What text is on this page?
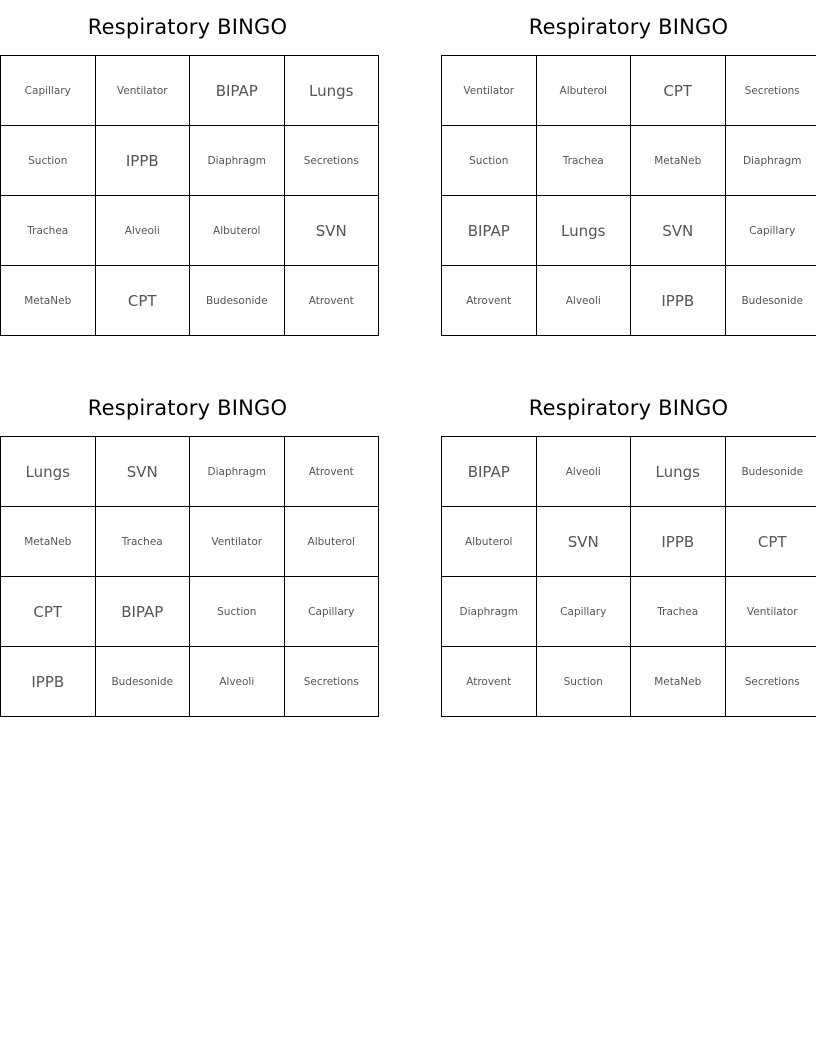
Respiratory BINGO
Capillary	Ventilator	BIPAP	Lungs
Suction	IPPB	Diaphragm	Secretions
Trachea	Alveoli	Albuterol	SVN
MetaNeb	CPT	Budesonide	Atrovent
Respiratory BINGO
Ventilator	Albuterol	CPT	Secretions
Suction	Trachea	MetaNeb	Diaphragm
BIPAP	Lungs	SVN	Capillary
Atrovent	Alveoli	IPPB	Budesonide
Respiratory BINGO
Lungs	SVN	Diaphragm	Atrovent
MetaNeb	Trachea	Ventilator	Albuterol
CPT	BIPAP	Suction	Capillary
IPPB	Budesonide	Alveoli	Secretions
Respiratory BINGO
BIPAP	Alveoli	Lungs	Budesonide
Albuterol	SVN	IPPB	CPT
Diaphragm	Capillary	Trachea	Ventilator
Atrovent	Suction	MetaNeb	Secretions
